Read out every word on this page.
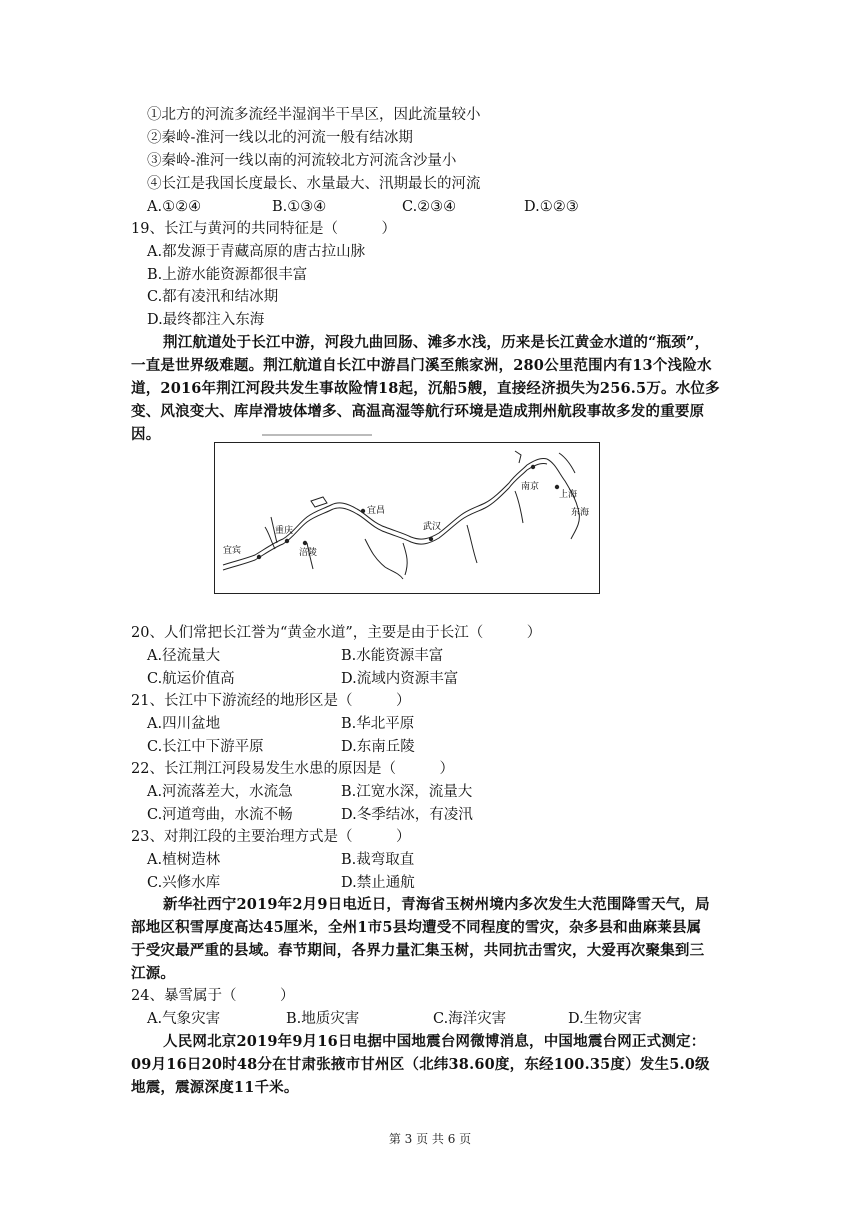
①北方的河流多流经半湿润半干旱区，因此流量较小
②秦岭-淮河一线以北的河流一般有结冰期
③秦岭-淮河一线以南的河流较北方河流含沙量小
④长江是我国长度最长、水量最大、汛期最长的河流
A.①②④	B.①③④	C.②③④	D.①②③
19、长江与黄河的共同特征是（　　　）
A.都发源于青藏高原的唐古拉山脉
B.上游水能资源都很丰富
C.都有凌汛和结冰期
D.最终都注入东海
荆江航道处于长江中游，河段九曲回肠、滩多水浅，历来是长江黄金水道的“瓶颈”，
一直是世界级难题。荆江航道自长江中游昌门溪至熊家洲，280公里范围内有13个浅险水
道，2016年荆江河段共发生事故险情18起，沉船5艘，直接经济损失为256.5万。水位多
变、风浪变大、库岸滑坡体增多、高温高湿等航行环境是造成荆州航段事故多发的重要原
因。
宜宾
重庆
涪陵
宜昌
武汉
南京
上海
东海
20、人们常把长江誉为“黄金水道”，主要是由于长江（　　　）
A.径流量大	B.水能资源丰富
C.航运价值高	D.流域内资源丰富
21、长江中下游流经的地形区是（　　　）
A.四川盆地	B.华北平原
C.长江中下游平原	D.东南丘陵
22、长江荆江河段易发生水患的原因是（　　　）
A.河流落差大，水流急	B.江宽水深，流量大
C.河道弯曲，水流不畅	D.冬季结冰，有凌汛
23、对荆江段的主要治理方式是（　　　）
A.植树造林	B.裁弯取直
C.兴修水库	D.禁止通航
新华社西宁2019年2月9日电近日，青海省玉树州境内多次发生大范围降雪天气，局
部地区积雪厚度高达45厘米，全州1市5县均遭受不同程度的雪灾，杂多县和曲麻莱县属
于受灾最严重的县域。春节期间，各界力量汇集玉树，共同抗击雪灾，大爱再次聚集到三
江源。
24、暴雪属于（　　　）
A.气象灾害	B.地质灾害	C.海洋灾害	D.生物灾害
人民网北京2019年9月16日电据中国地震台网微博消息，中国地震台网正式测定：
09月16日20时48分在甘肃张掖市甘州区（北纬38.60度，东经100.35度）发生5.0级
地震，震源深度11千米。
第 3 页 共 6 页
